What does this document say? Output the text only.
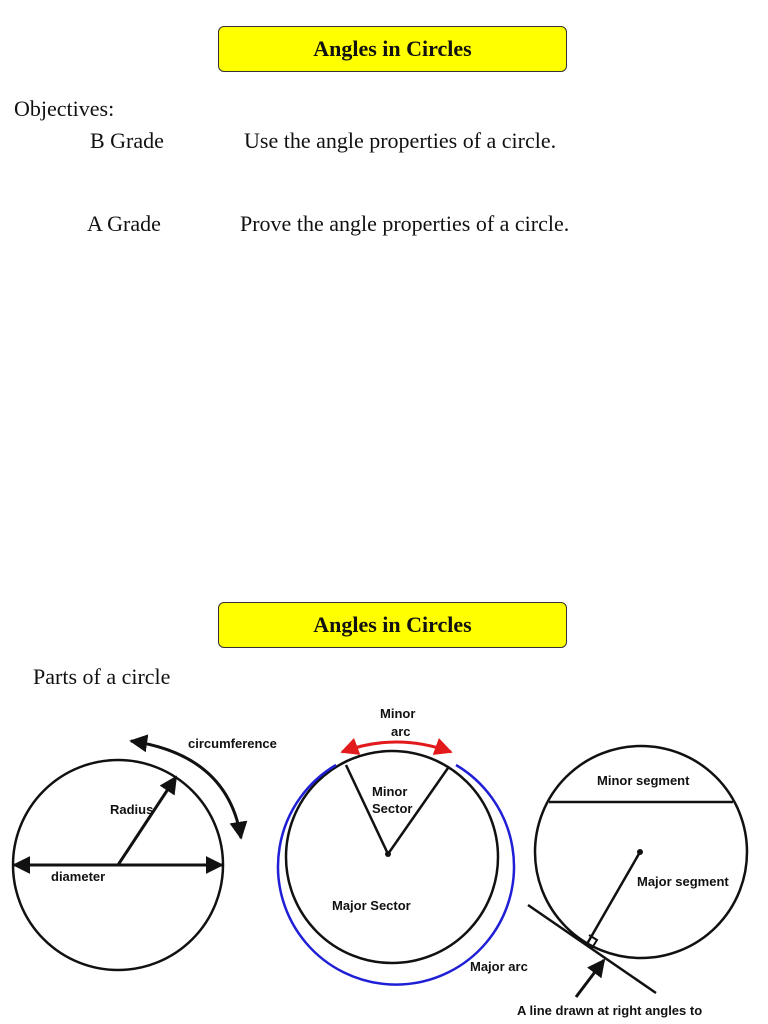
Angles in Circles
Objectives:
B Grade	Use the angle properties of a circle.
A Grade	Prove the angle properties of a circle.
Angles in Circles
Parts of a circle
circumference
Radius
diameter
Minor
arc
Minor
Sector
Major Sector
Major arc
Minor segment
Major segment
A line drawn at right angles to
